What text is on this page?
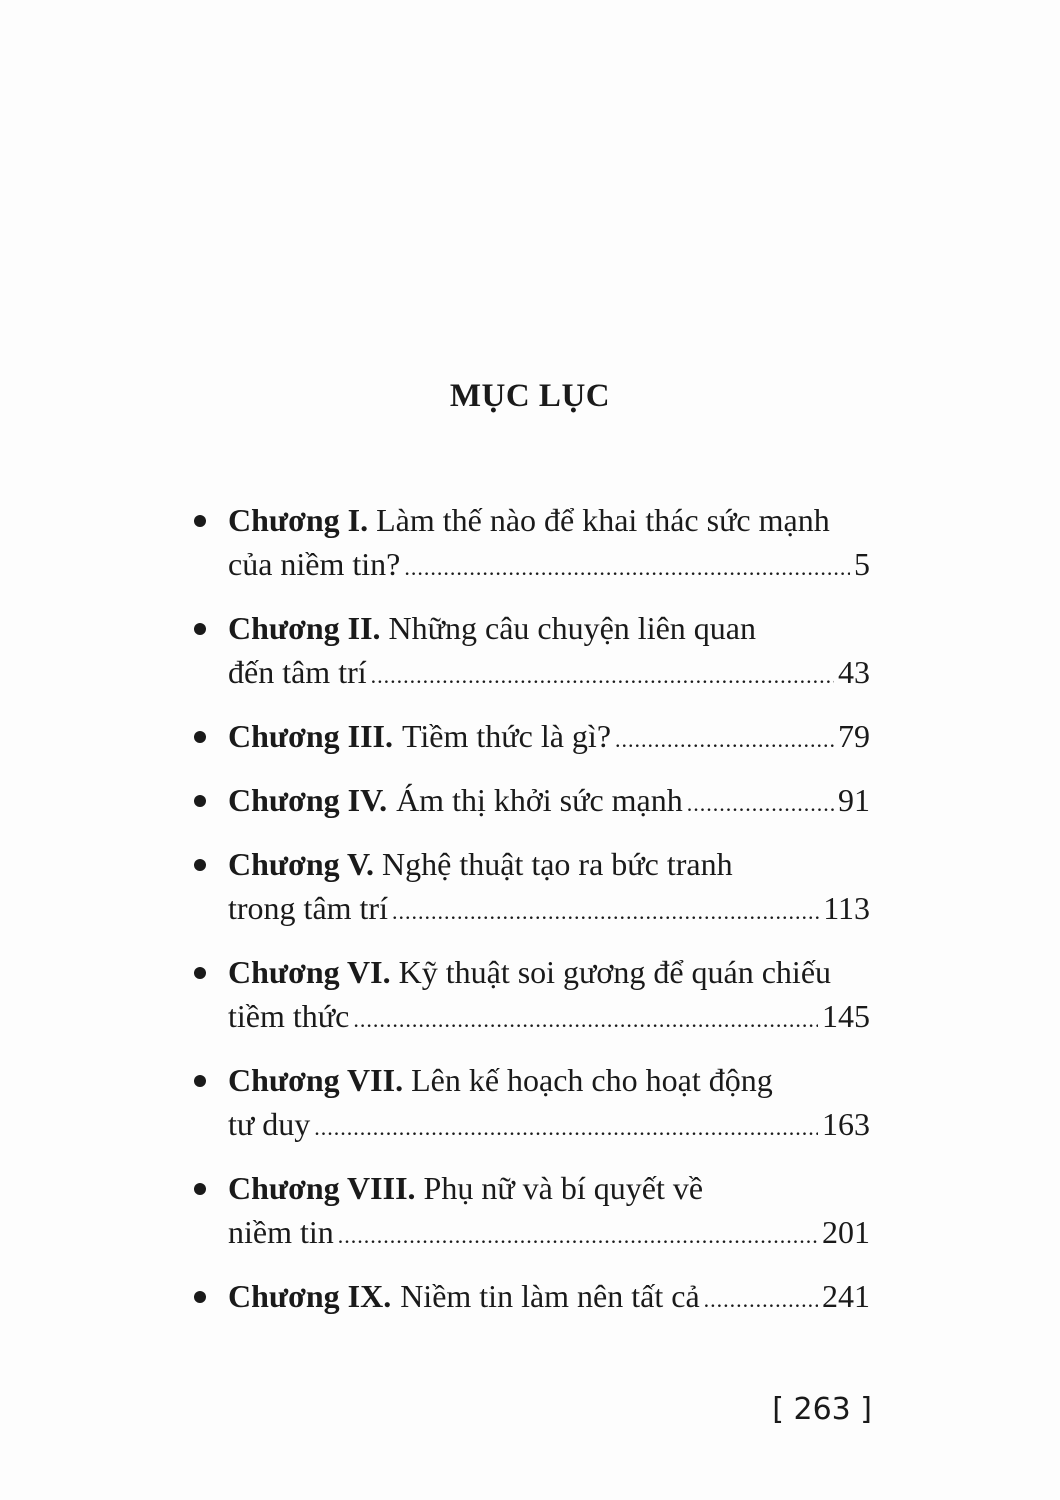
MỤC LỤC
Chương I. Làm thế nào để khai thác sức mạnh
của niềm tin? .....	5
Chương II. Những câu chuyện liên quan
đến tâm trí .....	43
Chương III. Tiềm thức là gì? .....	79
Chương IV. Ám thị khởi sức mạnh .....	91
Chương V. Nghệ thuật tạo ra bức tranh
trong tâm trí .....	113
Chương VI. Kỹ thuật soi gương để quán chiếu
tiềm thức .....	145
Chương VII. Lên kế hoạch cho hoạt động
tư duy .....	163
Chương VIII. Phụ nữ và bí quyết về
niềm tin .....	201
Chương IX. Niềm tin làm nên tất cả .....	241
[ 263 ]
